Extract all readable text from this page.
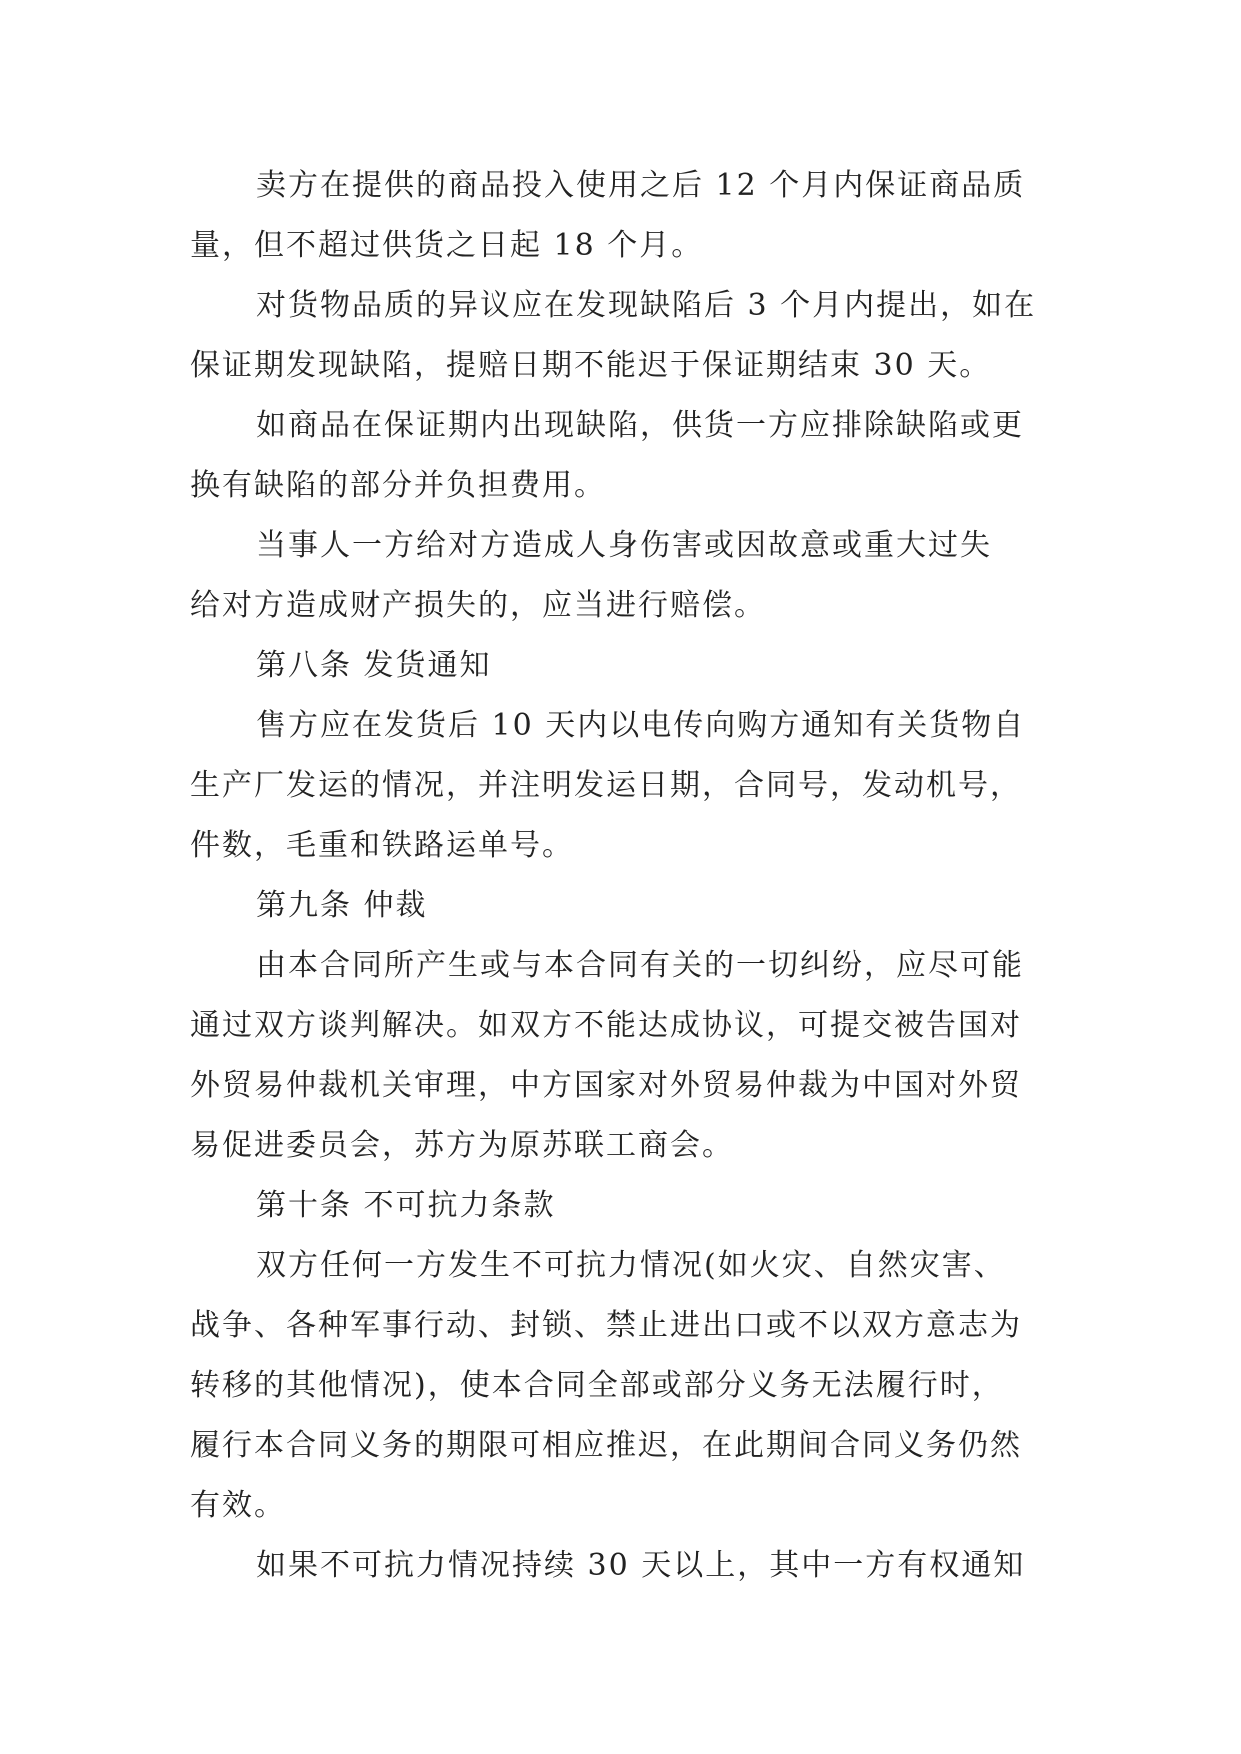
卖方在提供的商品投入使用之后 12 个月内保证商品质
量，但不超过供货之日起 18 个月。
对货物品质的异议应在发现缺陷后 3 个月内提出，如在
保证期发现缺陷，提赔日期不能迟于保证期结束 30 天。
如商品在保证期内出现缺陷，供货一方应排除缺陷或更
换有缺陷的部分并负担费用。
当事人一方给对方造成人身伤害或因故意或重大过失
给对方造成财产损失的，应当进行赔偿。
第八条 发货通知
售方应在发货后 10 天内以电传向购方通知有关货物自
生产厂发运的情况，并注明发运日期，合同号，发动机号，
件数，毛重和铁路运单号。
第九条 仲裁
由本合同所产生或与本合同有关的一切纠纷，应尽可能
通过双方谈判解决。如双方不能达成协议，可提交被告国对
外贸易仲裁机关审理，中方国家对外贸易仲裁为中国对外贸
易促进委员会，苏方为原苏联工商会。
第十条 不可抗力条款
双方任何一方发生不可抗力情况(如火灾、自然灾害、
战争、各种军事行动、封锁、禁止进出口或不以双方意志为
转移的其他情况)，使本合同全部或部分义务无法履行时，
履行本合同义务的期限可相应推迟，在此期间合同义务仍然
有效。
如果不可抗力情况持续 30 天以上，其中一方有权通知
